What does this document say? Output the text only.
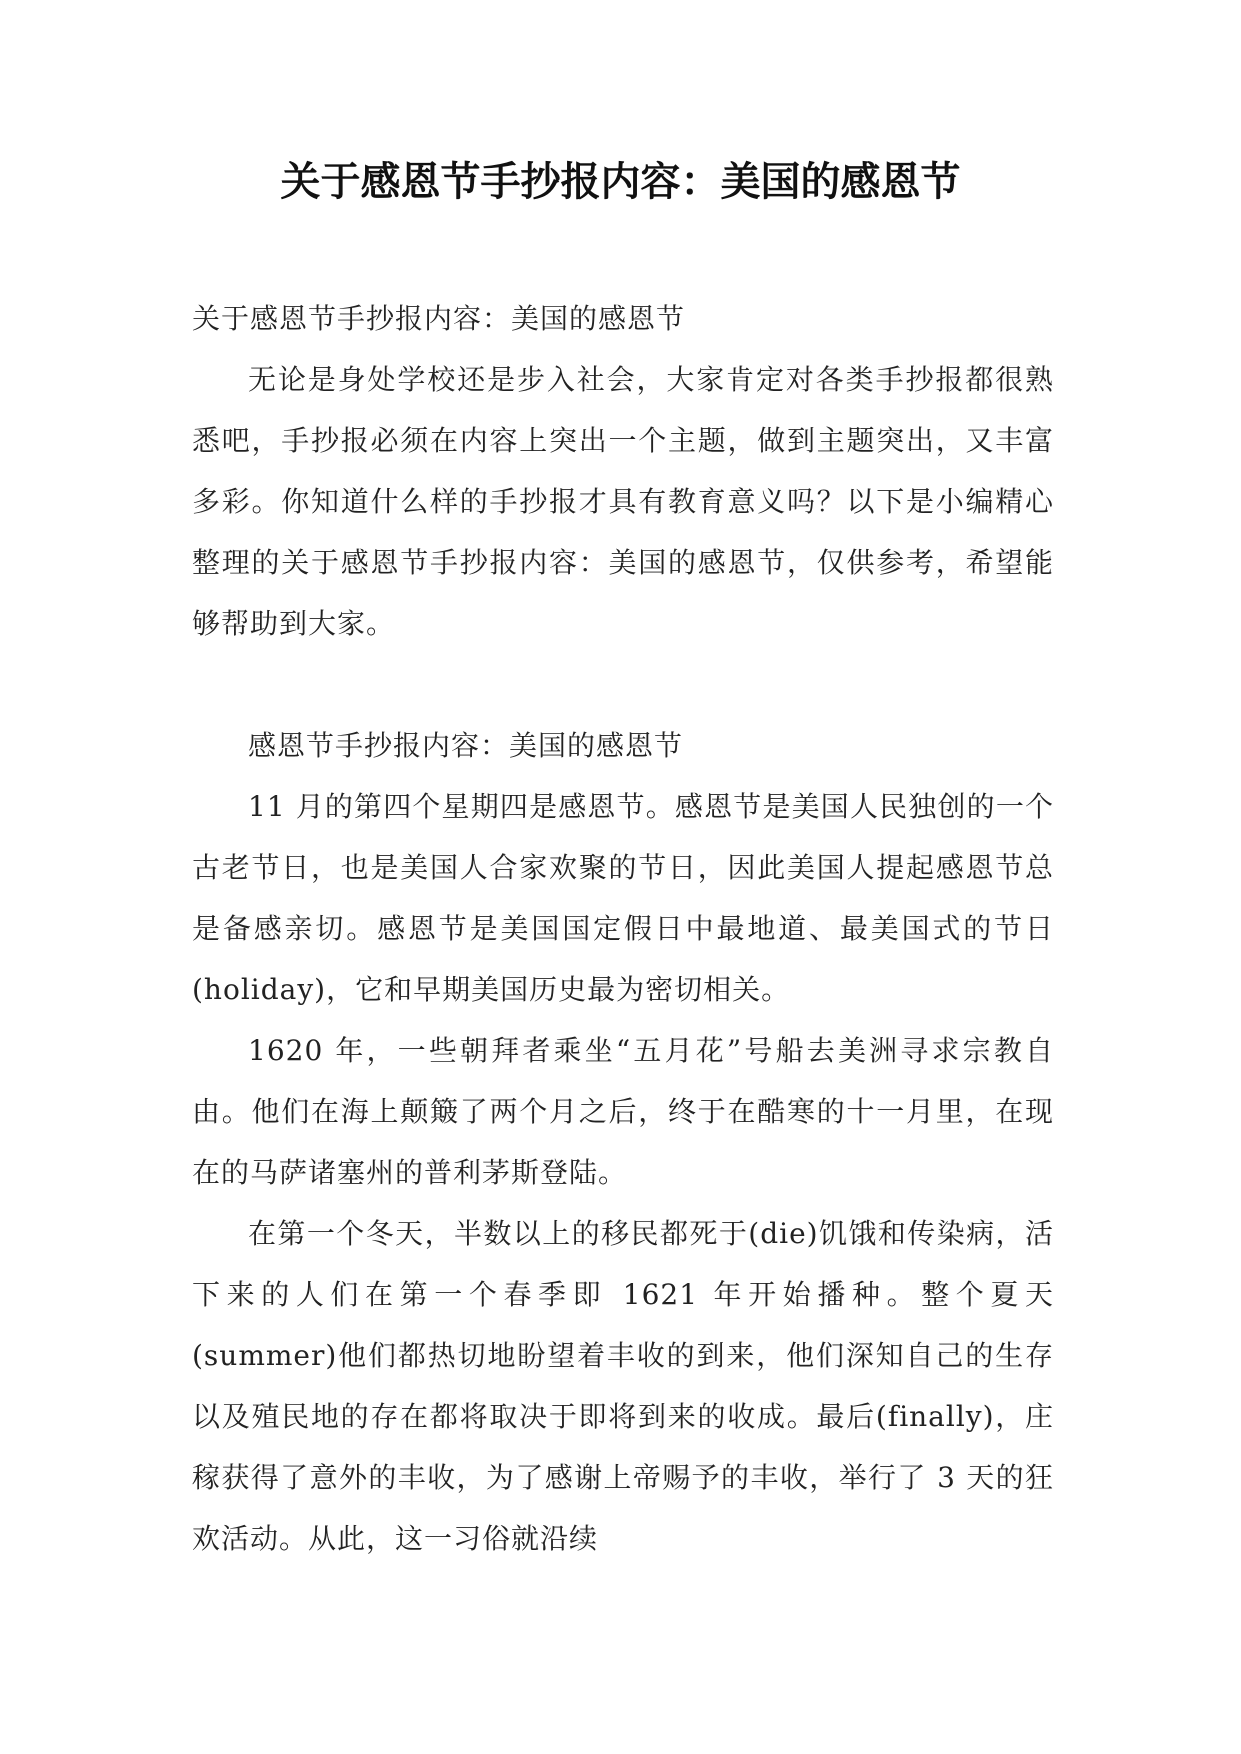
关于感恩节手抄报内容：美国的感恩节

关于感恩节手抄报内容：美国的感恩节

无论是身处学校还是步入社会，大家肯定对各类手抄报都很熟悉吧，手抄报必须在内容上突出一个主题，做到主题突出，又丰富多彩。你知道什么样的手抄报才具有教育意义吗？以下是小编精心整理的关于感恩节手抄报内容：美国的感恩节，仅供参考，希望能够帮助到大家。

感恩节手抄报内容：美国的感恩节

11 月的第四个星期四是感恩节。感恩节是美国人民独创的一个古老节日，也是美国人合家欢聚的节日，因此美国人提起感恩节总是备感亲切。感恩节是美国国定假日中最地道、最美国式的节日(holiday)，它和早期美国历史最为密切相关。

1620 年，一些朝拜者乘坐“五月花”号船去美洲寻求宗教自由。他们在海上颠簸了两个月之后，终于在酷寒的十一月里，在现在的马萨诸塞州的普利茅斯登陆。

在第一个冬天，半数以上的移民都死于(die)饥饿和传染病，活下来的人们在第一个春季即 1621 年开始播种。整个夏天(summer)他们都热切地盼望着丰收的到来，他们深知自己的生存以及殖民地的存在都将取决于即将到来的收成。最后(finally)，庄稼获得了意外的丰收，为了感谢上帝赐予的丰收，举行了 3 天的狂欢活动。从此，这一习俗就沿续
